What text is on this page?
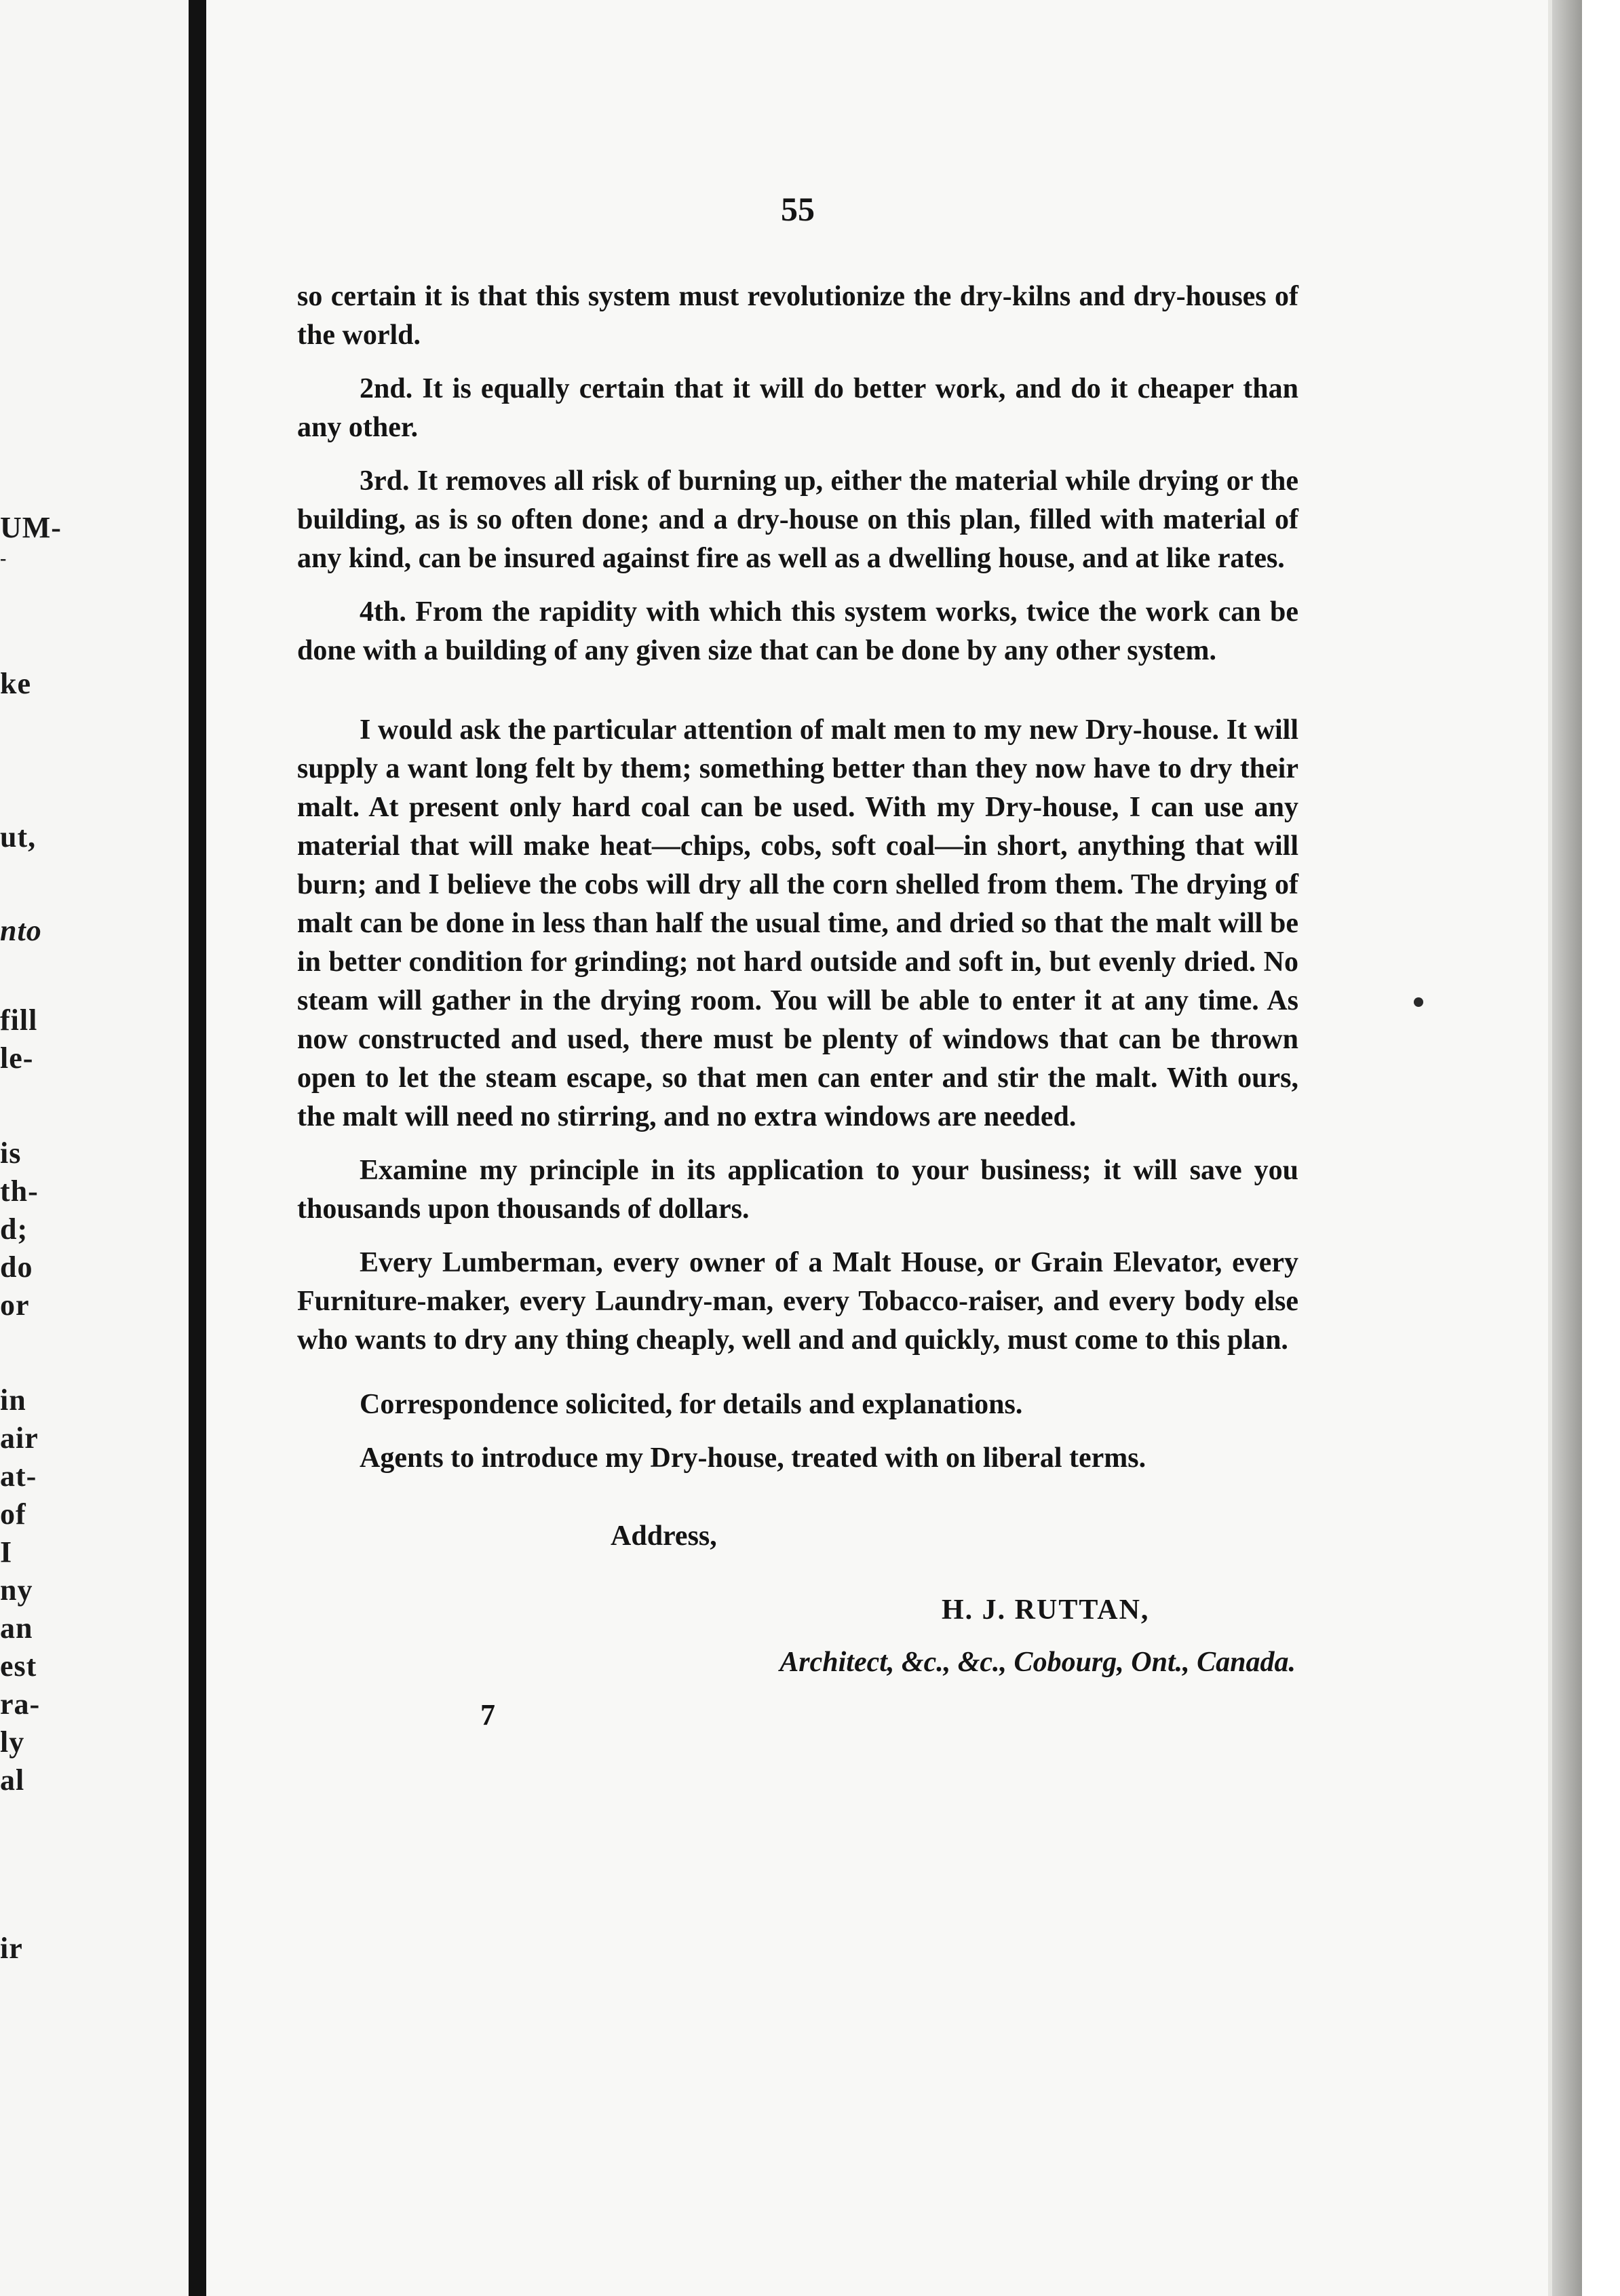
UM-
-
ke
ut,
nto
fill
le-
is
th-
d;
do
or
in
air
at-
of
I
ny
an
est
ra-
ly
al
ir
55

so certain it is that this system must revolutionize the dry-kilns and dry-houses of the world.

2nd. It is equally certain that it will do better work, and do it cheaper than any other.

3rd. It removes all risk of burning up, either the material while drying or the building, as is so often done; and a dry-house on this plan, filled with material of any kind, can be insured against fire as well as a dwelling house, and at like rates.

4th. From the rapidity with which this system works, twice the work can be done with a building of any given size that can be done by any other system.

I would ask the particular attention of malt men to my new Dry-house. It will supply a want long felt by them; something better than they now have to dry their malt. At present only hard coal can be used. With my Dry-house, I can use any material that will make heat—chips, cobs, soft coal—in short, anything that will burn; and I believe the cobs will dry all the corn shelled from them. The drying of malt can be done in less than half the usual time, and dried so that the malt will be in better condition for grinding; not hard outside and soft in, but evenly dried. No steam will gather in the drying room. You will be able to enter it at any time. As now constructed and used, there must be plenty of windows that can be thrown open to let the steam escape, so that men can enter and stir the malt. With ours, the malt will need no stirring, and no extra windows are needed.

Examine my principle in its application to your business; it will save you thousands upon thousands of dollars.

Every Lumberman, every owner of a Malt House, or Grain Elevator, every Furniture-maker, every Laundry-man, every Tobacco-raiser, and every body else who wants to dry any thing cheaply, well and and quickly, must come to this plan.

Correspondence solicited, for details and explanations.

Agents to introduce my Dry-house, treated with on liberal terms.

Address,

H. J. RUTTAN,

Architect, &c., &c., Cobourg, Ont., Canada.

7
